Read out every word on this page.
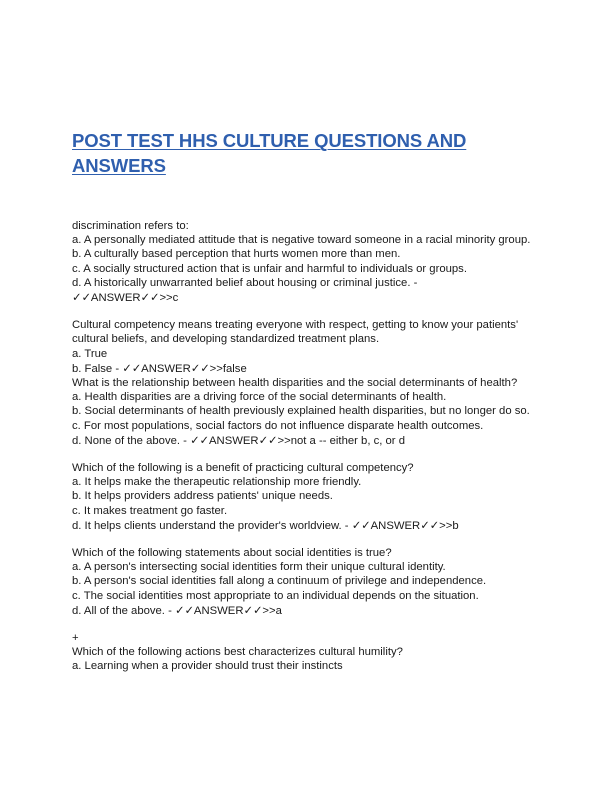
POST TEST HHS CULTURE QUESTIONS AND ANSWERS
discrimination refers to:
a. A personally mediated attitude that is negative toward someone in a racial minority group.
b. A culturally based perception that hurts women more than men.
c. A socially structured action that is unfair and harmful to individuals or groups.
d. A historically unwarranted belief about housing or criminal justice. -
✓✓ANSWER✓✓>>c
Cultural competency means treating everyone with respect, getting to know your patients' cultural beliefs, and developing standardized treatment plans.
a. True
b. False - ✓✓ANSWER✓✓>>false
What is the relationship between health disparities and the social determinants of health?
a. Health disparities are a driving force of the social determinants of health.
b. Social determinants of health previously explained health disparities, but no longer do so.
c. For most populations, social factors do not influence disparate health outcomes.
d. None of the above. - ✓✓ANSWER✓✓>>not a -- either b, c, or d
Which of the following is a benefit of practicing cultural competency?
a. It helps make the therapeutic relationship more friendly.
b. It helps providers address patients' unique needs.
c. It makes treatment go faster.
d. It helps clients understand the provider's worldview. - ✓✓ANSWER✓✓>>b
Which of the following statements about social identities is true?
a. A person's intersecting social identities form their unique cultural identity.
b. A person's social identities fall along a continuum of privilege and independence.
c. The social identities most appropriate to an individual depends on the situation.
d. All of the above. - ✓✓ANSWER✓✓>>a
+
Which of the following actions best characterizes cultural humility?
a. Learning when a provider should trust their instincts
